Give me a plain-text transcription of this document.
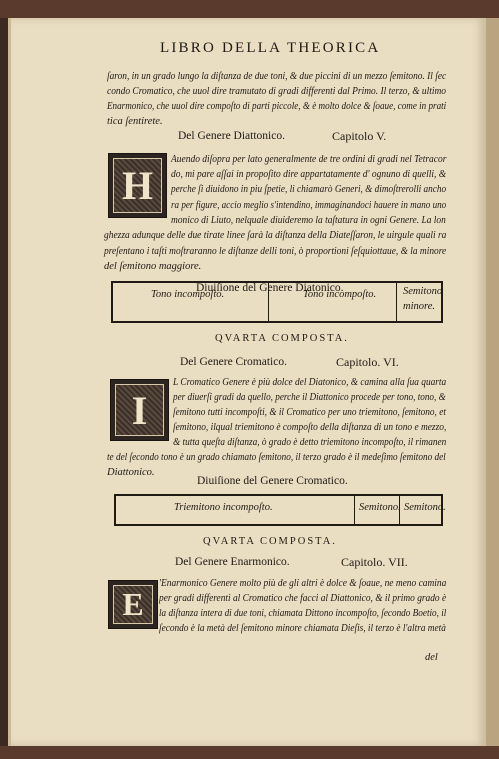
LIBRO DELLA THEORICA
ſaron, in un grado lungo la diſtanza de due toni, & due piccini di un mezzo ſemitono. Il ſec
condo Cromatico, che uuol dire tramutato di gradi differenti dal Primo. Il terzo, & ultimo
Enarmonico, che uuol dire compoſto di parti piccole, & è molto dolce & ſoaue, come in prati
tica ſentirete.
Del Genere Diattonico.	Capitolo V.
H
Auendo diſopra per lato generalmente de tre ordini di gradi nel Tetracor
do, mi pare aſſai in propoſito dire appartatamente d' ognuno di quelli, &
perche ſi diuidono in piu ſpetie, li chiamarò Generi, & dimoſtrerolli ancho
ra per figure, accio meglio s'intendino, immaginandoci hauere in mano uno
monico di Liuto, nelquale diuideremo la taſtatura in ogni Genere. La lon
ghezza adunque delle due tirate linee ſarà la diſtanza della Diateſſaron, le uirgule quali ra
preſentano i taſti moſtraranno le diſtanze delli toni, ò proportioni ſeſquiottaue, & la minore
del ſemitono maggiore.
Diuiſione del Genere Diatonico.
Tono incompoſto.	Tono incompoſto.	Semitono
minore.
QVARTA COMPOSTA.
Del Genere Cromatico.	Capitolo. VI.
I
L Cromatico Genere è più dolce del Diatonico, & camina alla ſua quarta
per diuerſi gradi da quello, perche il Diattonico procede per tono, tono, &
ſemitono tutti incompoſti, & il Cromatico per uno triemitono, ſemitono, et
ſemitono, ilqual triemitono è compoſto della diſtanza di un tono e mezzo,
& tutta queſta diſtanza, ò grado è detto triemitono incompoſto, il rimanen
te del ſecondo tono è un grado chiamato ſemitono, il terzo grado è il medeſimo ſemitono del
Diattonico.
Diuiſione del Genere Cromatico.
Triemitono incompoſto.	Semitono. Semitono.
QVARTA COMPOSTA.
Del Genere Enarmonico.	Capitolo. VII.
E
'Enarmonico Genere molto più de gli altri è dolce & ſoaue, ne meno camina
per gradi differenti al Cromatico che facci al Diattonico, & il primo grado è
la diſtanza intera di due toni, chiamata Dittono incompoſto, ſecondo Boetio, il
ſecondo è la metà del ſemitono minore chiamata Dieſis, il terzo è l'altra metà
del
